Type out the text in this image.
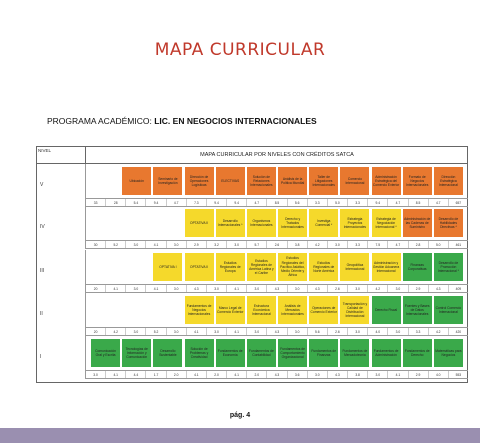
MAPA CURRICULAR
PROGRAMA ACADÉMICO: LIC. EN NEGOCIOS INTERNACIONALES
NIVEL
MAPA CURRICULAR POR NIVELES CON CRÉDITOS SATCA
V
Ubicación
Seminario de Investigación
Dirección de Operaciones Logísticas
ELECTIVAS
Solución de Relaciones Internacionales
Análisis de la Política Mundial
Taller de Litigaciones Internacionales
Comercio Internacional
Administración Estratégica del Comercio Exterior
Formato de Negocios Internacionales
Dirección Estratégica Internacional
33	28	5.4	9.4	4.7	7.3	9.4	9.4	4.7	8.5	5.6	3.3	5.0	3.3	9.4	4.7	8.5	4.7	657
IV
OPTATIVA II
Desarrollo Internacionales *
Organismos Internacionales
Derecho y Tratados Internacionales
Investiga Comercial *
Estrategia Proyectos Internacionales
Estrategia de Negociación Internacional *
Administración de las Cadenas de Suministro
Desarrollo de Habilidades Directivas *
30	5.2	3.0	4.1	3.0	2.9	3.2	3.0	5.7	2.6	3.8	4.2	3.0	3.3	7.5	4.7	2.8	5.0	461
III
OPTATIVA I	OPTATIVA II
Estudios Regionales de Europa
Estudios Regionales de América Latina y el Caribe
Estudios Regionales del Pacífico Asiático, Medio Oriente y África
Estudios Regionales de Norte América
Geopolítica Internacional
Administración y Gestión Aduanera Internacional
Finanzas Corporativas
Desarrollo de Promoción Internacional *
20	4.1	3.0	4.1	3.0	4.3	3.0	4.1	3.0	4.3	3.0	4.3	2.6	3.0	4.2	3.0	2.9	4.3	409
II
Fundamentos de Negocios Internacionales
Marco Legal de Comercio Exterior
Estructura Económica Internacional
Análisis de Mercados Internacionales
Operaciones de Comercio Exterior
Transportación y Calidad de Distribución Internacional
Derecho Fiscal
Fuentes y Bases de Datos Internacionales
Control Comercio Internacional
20	4.2	3.0	5.2	3.0	4.1	3.0	4.1	3.0	4.3	3.0	5.6	2.6	3.0	4.0	3.0	3.3	4.2	420
I
Comunicación Oral y Escrita
Tecnologías de Información y Comunicación
Desarrollo Sustentable
Solución de Problemas y Creatividad
Fundamentos de Economía
Fundamentos de Contabilidad
Fundamentos de Comportamiento Organizacional
Fundamentos de Finanzas
Fundamentos de Mercadotecnia
Fundamentos de Administración
Fundamentos de Derecho
Matemáticas para Negocios
3.0	4.1	4.4	1.7	2.0	4.1	2.0	4.1	2.0	4.3	3.6	3.0	4.3	3.8	3.0	4.1	2.9	4.0	553
pág. 4
